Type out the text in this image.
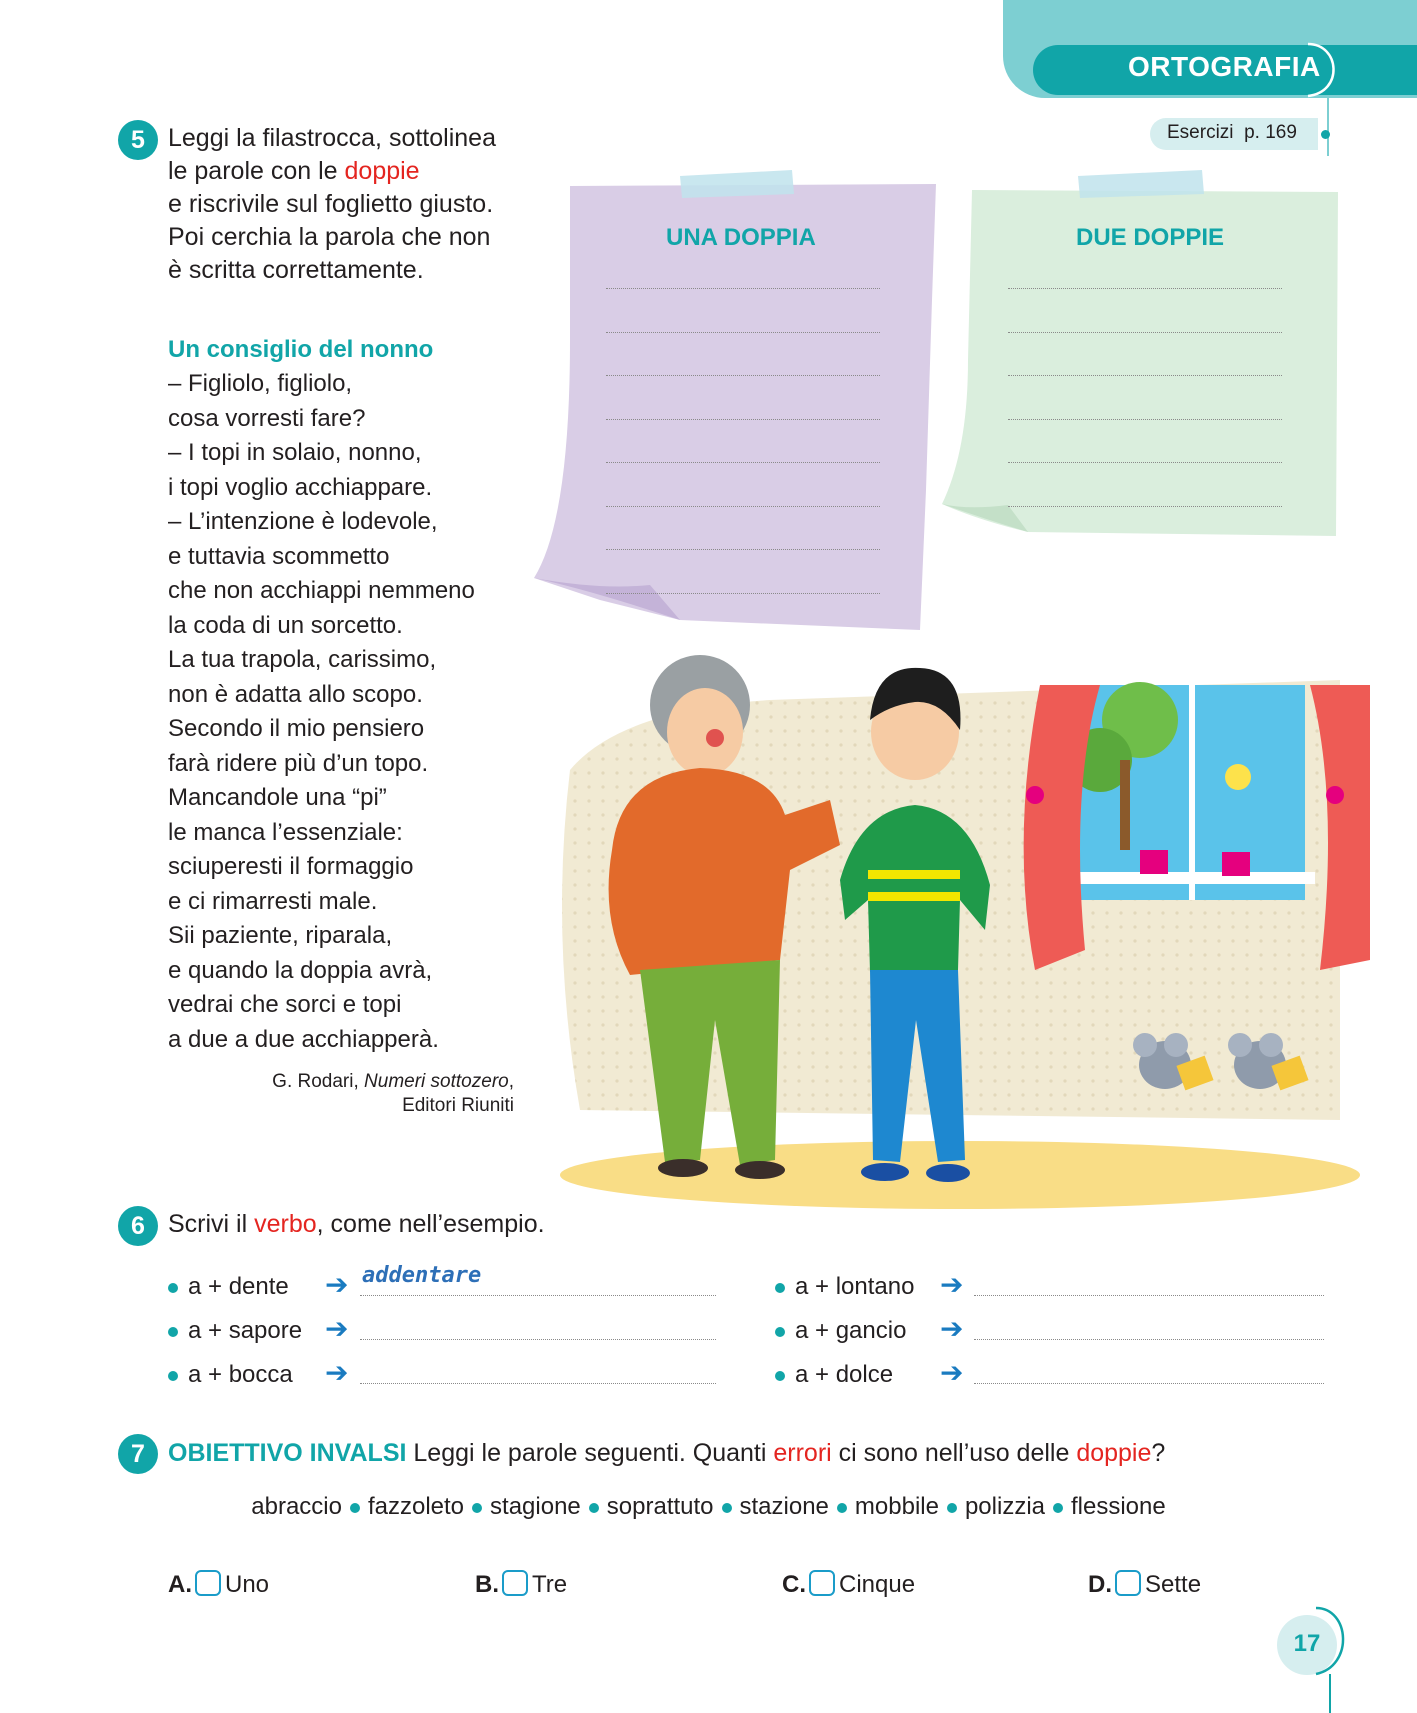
ORTOGRAFIA
Esercizi  p. 169
5 Leggi la filastrocca, sottolinea
le parole con le doppie
e riscrivile sul foglietto giusto.
Poi cerchia la parola che non
è scritta correttamente.
Un consiglio del nonno
– Figliolo, figliolo,
cosa vorresti fare?
– I topi in solaio, nonno,
i topi voglio acchiappare.
– L’intenzione è lodevole,
e tuttavia scommetto
che non acchiappi nemmeno
la coda di un sorcetto.
La tua trapola, carissimo,
non è adatta allo scopo.
Secondo il mio pensiero
farà ridere più d’un topo.
Mancandole una “pi”
le manca l’essenziale:
sciuperesti il formaggio
e ci rimarresti male.
Sii paziente, riparala,
e quando la doppia avrà,
vedrai che sorci e topi
a due a due acchiapperà.
G. Rodari, Numeri sottozero,
Editori Riuniti
UNA DOPPIA	DUE DOPPIE
6 Scrivi il verbo, come nell’esempio.
a + dente ➔ addentare
a + sapore ➔
a + bocca ➔
a + lontano ➔
a + gancio ➔
a + dolce ➔
7 OBIETTIVO INVALSI Leggi le parole seguenti. Quanti errori ci sono nell’uso delle doppie?
abraccio fazzoleto stagione soprattuto stazione mobbile polizzia flessione
A. Uno	B. Tre	C. Cinque	D. Sette
17
